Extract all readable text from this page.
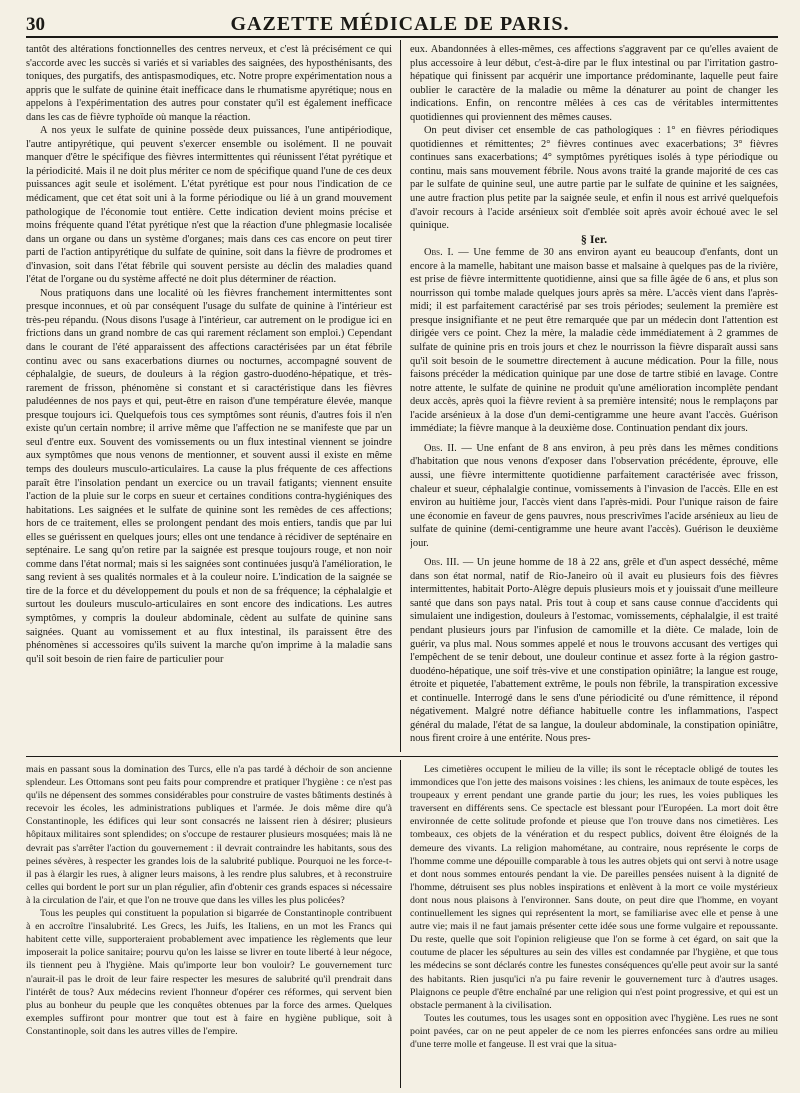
30	GAZETTE MÉDICALE DE PARIS.

tantôt des altérations fonctionnelles des centres nerveux, et c'est là précisément ce qui s'accorde avec les succès si variés et si variables des saignées, des hyposthénisants, des toniques, des purgatifs, des antispasmodiques, etc. Notre propre expérimentation nous a appris que le sulfate de quinine était inefficace dans le rhumatisme apyrétique; nous en appelons à l'expérimentation des autres pour constater qu'il est également inefficace dans les cas de fièvre typhoïde où manque la réaction.

A nos yeux le sulfate de quinine possède deux puissances, l'une antipériodique, l'autre antipyrétique, qui peuvent s'exercer ensemble ou isolément. Il ne pouvait manquer d'être le spécifique des fièvres intermittentes qui réunissent l'état pyrétique et la périodicité. Mais il ne doit plus mériter ce nom de spécifique quand l'une de ces deux puissances agit seule et isolément. L'état pyrétique est pour nous l'indication de ce médicament, que cet état soit uni à la forme périodique ou lié à un grand mouvement pathologique de l'économie tout entière. Cette indication devient moins précise et moins fréquente quand l'état pyrétique n'est que la réaction d'une phlegmasie localisée dans un organe ou dans un système d'organes; mais dans ces cas encore on peut tirer parti de l'action antipyrétique du sulfate de quinine, soit dans la fièvre de prodromes et d'invasion, soit dans l'état fébrile qui souvent persiste au déclin des maladies quand l'état de l'organe ou du système affecté ne doit plus déterminer de réaction.

Nous pratiquons dans une localité où les fièvres franchement intermittentes sont presque inconnues, et où par conséquent l'usage du sulfate de quinine à l'intérieur est très-peu répandu. (Nous disons l'usage à l'intérieur, car autrement on le prodigue ici en frictions dans un grand nombre de cas qui rarement réclament son emploi.) Cependant dans le courant de l'été apparaissent des affections caractérisées par un état fébrile continu avec ou sans exacerbations diurnes ou nocturnes, accompagné souvent de céphalalgie, de sueurs, de douleurs à la région gastro-duodéno-hépatique, et très-rarement de frisson, phénomène si constant et si caractéristique dans les fièvres paludéennes de nos pays et qui, peut-être en raison d'une température élevée, manque presque toujours ici. Quelquefois tous ces symptômes sont réunis, d'autres fois il n'en existe qu'un certain nombre; il arrive même que l'affection ne se manifeste que par un seul d'entre eux. Souvent des vomissements ou un flux intestinal viennent se joindre aux symptômes que nous venons de mentionner, et souvent aussi il existe en même temps des douleurs musculo-articulaires. La cause la plus fréquente de ces affections paraît être l'insolation pendant un exercice ou un travail fatigants; viennent ensuite l'action de la pluie sur le corps en sueur et certaines conditions contra-hygiéniques des habitations. Les saignées et le sulfate de quinine sont les remèdes de ces affections; hors de ce traitement, elles se prolongent pendant des mois entiers, tandis que par lui elles se guérissent en quelques jours; elles ont une tendance à récidiver de septénaire en septénaire. Le sang qu'on retire par la saignée est presque toujours rouge, et non noir comme dans l'état normal; mais si les saignées sont continuées jusqu'à l'amélioration, le sang revient à ses qualités normales et à la couleur noire. L'indication de la saignée se tire de la force et du développement du pouls et non de sa fréquence; la céphalalgie et surtout les douleurs musculo-articulaires en sont encore des indications. Les autres symptômes, y compris la douleur abdominale, cèdent au sulfate de quinine sans saignées. Quant au vomissement et au flux intestinal, ils paraissent être des phénomènes si accessoires qu'ils suivent la marche qu'on imprime à la maladie sans qu'il soit besoin de rien faire de particulier pour

eux. Abandonnées à elles-mêmes, ces affections s'aggravent par ce qu'elles avaient de plus accessoire à leur début, c'est-à-dire par le flux intestinal ou par l'irritation gastro-hépatique qui finissent par acquérir une importance prédominante, laquelle peut faire oublier le caractère de la maladie ou même la dénaturer au point de changer les indications. Enfin, on rencontre mêlées à ces cas de véritables intermittentes quotidiennes qui proviennent des mêmes causes.

On peut diviser cet ensemble de cas pathologiques : 1° en fièvres périodiques quotidiennes et rémittentes; 2° fièvres continues avec exacerbations; 3° fièvres continues sans exacerbations; 4° symptômes pyrétiques isolés à type périodique ou continu, mais sans mouvement fébrile. Nous avons traité la grande majorité de ces cas par le sulfate de quinine seul, une autre partie par le sulfate de quinine et les saignées, une autre fraction plus petite par la saignée seule, et enfin il nous est arrivé quelquefois d'avoir recours à l'acide arsénieux soit d'emblée soit après avoir échoué avec le sel quinique.

§ Ier.

Obs. I. — Une femme de 30 ans environ ayant eu beaucoup d'enfants, dont un encore à la mamelle, habitant une maison basse et malsaine à quelques pas de la rivière, est prise de fièvre intermittente quotidienne, ainsi que sa fille âgée de 6 ans, et plus son nourrisson qui tombe malade quelques jours après sa mère. L'accès vient dans l'après-midi; il est parfaitement caractérisé par ses trois périodes; seulement la première est presque insignifiante et ne peut être remarquée que par un médecin dont l'attention est dirigée vers ce point. Chez la mère, la maladie cède immédiatement à 2 grammes de sulfate de quinine pris en trois jours et chez le nourrisson la fièvre disparaît aussi sans qu'il soit besoin de le soumettre directement à aucune médication. Pour la fille, nous faisons précéder la médication quinique par une dose de tartre stibié en lavage. Contre notre attente, le sulfate de quinine ne produit qu'une amélioration incomplète pendant deux accès, après quoi la fièvre revient à sa première intensité; nous le remplaçons par l'acide arsénieux à la dose d'un demi-centigramme une heure avant l'accès. Guérison immédiate; la fièvre manque à la deuxième dose. Continuation pendant dix jours.

Obs. II. — Une enfant de 8 ans environ, à peu près dans les mêmes conditions d'habitation que nous venons d'exposer dans l'observation précédente, éprouve, elle aussi, une fièvre intermittente quotidienne parfaitement caractérisée avec frisson, chaleur et sueur, céphalalgie continue, vomissements à l'invasion de l'accès. Elle en est environ au huitième jour, l'accès vient dans l'après-midi. Pour l'unique raison de faire une économie en faveur de gens pauvres, nous prescrivîmes l'acide arsénieux au lieu de sulfate de quinine (demi-centigramme une heure avant l'accès). Guérison le deuxième jour.

Obs. III. — Un jeune homme de 18 à 22 ans, grêle et d'un aspect desséché, même dans son état normal, natif de Rio-Janeiro où il avait eu plusieurs fois des fièvres intermittentes, habitait Porto-Alègre depuis plusieurs mois et y jouissait d'une meilleure santé que dans son pays natal. Pris tout à coup et sans cause connue d'accidents qui simulaient une indigestion, douleurs à l'estomac, vomissements, céphalalgie, il est traité pendant plusieurs jours par l'infusion de camomille et la diète. Ce malade, loin de guérir, va plus mal. Nous sommes appelé et nous le trouvons accusant des vertiges qui l'empêchent de se tenir debout, une douleur continue et assez forte à la région gastro-duodéno-hépatique, une soif très-vive et une constipation opiniâtre; la langue est rouge, étroite et piquetée, l'abattement extrême, le pouls non fébrile, la transpiration excessive et continuelle. Interrogé dans le sens d'une périodicité ou d'une rémittence, il répond négativement. Malgré notre défiance habituelle contre les inflammations, l'aspect général du malade, l'état de sa langue, la douleur abdominale, la constipation opiniâtre, nous firent croire à une entérite. Nous pres-

mais en passant sous la domination des Turcs, elle n'a pas tardé à déchoir de son ancienne splendeur. Les Ottomans sont peu faits pour comprendre et pratiquer l'hygiène : ce n'est pas qu'ils ne dépensent des sommes considérables pour construire de vastes bâtiments destinés à recevoir les écoles, les administrations publiques et l'armée. Je dois même dire qu'à Constantinople, les édifices qui leur sont consacrés ne laissent rien à désirer; plusieurs hôpitaux militaires sont splendides; on s'occupe de restaurer plusieurs mosquées; mais là ne devrait pas s'arrêter l'action du gouvernement : il devrait contraindre les habitants, sous des peines sévères, à respecter les grandes lois de la salubrité publique. Pourquoi ne les force-t-il pas à élargir les rues, à aligner leurs maisons, à les rendre plus salubres, et à reconstruire celles qui bordent le port sur un plan régulier, afin d'obtenir ces grands espaces si nécessaire à la circulation de l'air, et que l'on ne trouve que dans les villes les plus policées?

Tous les peuples qui constituent la population si bigarrée de Constantinople contribuent à en accroître l'insalubrité. Les Grecs, les Juifs, les Italiens, en un mot les Francs qui habitent cette ville, supporteraient probablement avec impatience les règlements que leur imposerait la police sanitaire; pourvu qu'on les laisse se livrer en toute liberté à leur négoce, ils tiennent peu à l'hygiène. Mais qu'importe leur bon vouloir? Le gouvernement turc n'aurait-il pas le droit de leur faire respecter les mesures de salubrité qu'il prendrait dans l'intérêt de tous? Aux médecins revient l'honneur d'opérer ces réformes, qui servent bien plus au bonheur du peuple que les conquêtes obtenues par la force des armes. Quelques exemples suffiront pour montrer que tout est à faire en hygiène publique, soit à Constantinople, soit dans les autres villes de l'empire.

Les cimetières occupent le milieu de la ville; ils sont le réceptacle obligé de toutes les immondices que l'on jette des maisons voisines : les chiens, les animaux de toute espèces, les troupeaux y errent pendant une grande partie du jour; les rues, les voies publiques les traversent en différents sens. Ce spectacle est blessant pour l'Européen. La mort doit être environnée de cette solitude profonde et pieuse que l'on trouve dans nos cimetières. Les tombeaux, ces objets de la vénération et du respect publics, doivent être éloignés de la demeure des vivants. La religion mahométane, au contraire, nous représente le corps de l'homme comme une dépouille comparable à tous les autres objets qui ont servi à notre usage et dont nous sommes entourés pendant la vie. De pareilles pensées nuisent à la dignité de l'homme, détruisent ses plus nobles inspirations et enlèvent à la mort ce voile mystérieux dont nous nous plaisons à l'environner. Sans doute, on peut dire que l'homme, en voyant continuellement les signes qui représentent la mort, se familiarise avec elle et pense à une autre vie; mais il ne faut jamais présenter cette idée sous une forme vulgaire et repoussante. Du reste, quelle que soit l'opinion religieuse que l'on se forme à cet égard, on sait que la coutume de placer les sépultures au sein des villes est condamnée par l'hygiène, et que tous les médecins se sont déclarés contre les funestes conséquences qu'elle peut avoir sur la santé des habitants. Rien jusqu'ici n'a pu faire revenir le gouvernement turc à d'autres usages. Plaignons ce peuple d'être enchaîné par une religion qui n'est point progressive, et qui est un obstacle permanent à la civilisation.

Toutes les coutumes, tous les usages sont en opposition avec l'hygiène. Les rues ne sont point pavées, car on ne peut appeler de ce nom les pierres enfoncées sans ordre au milieu d'une terre molle et fangeuse. Il est vrai que la situa-
